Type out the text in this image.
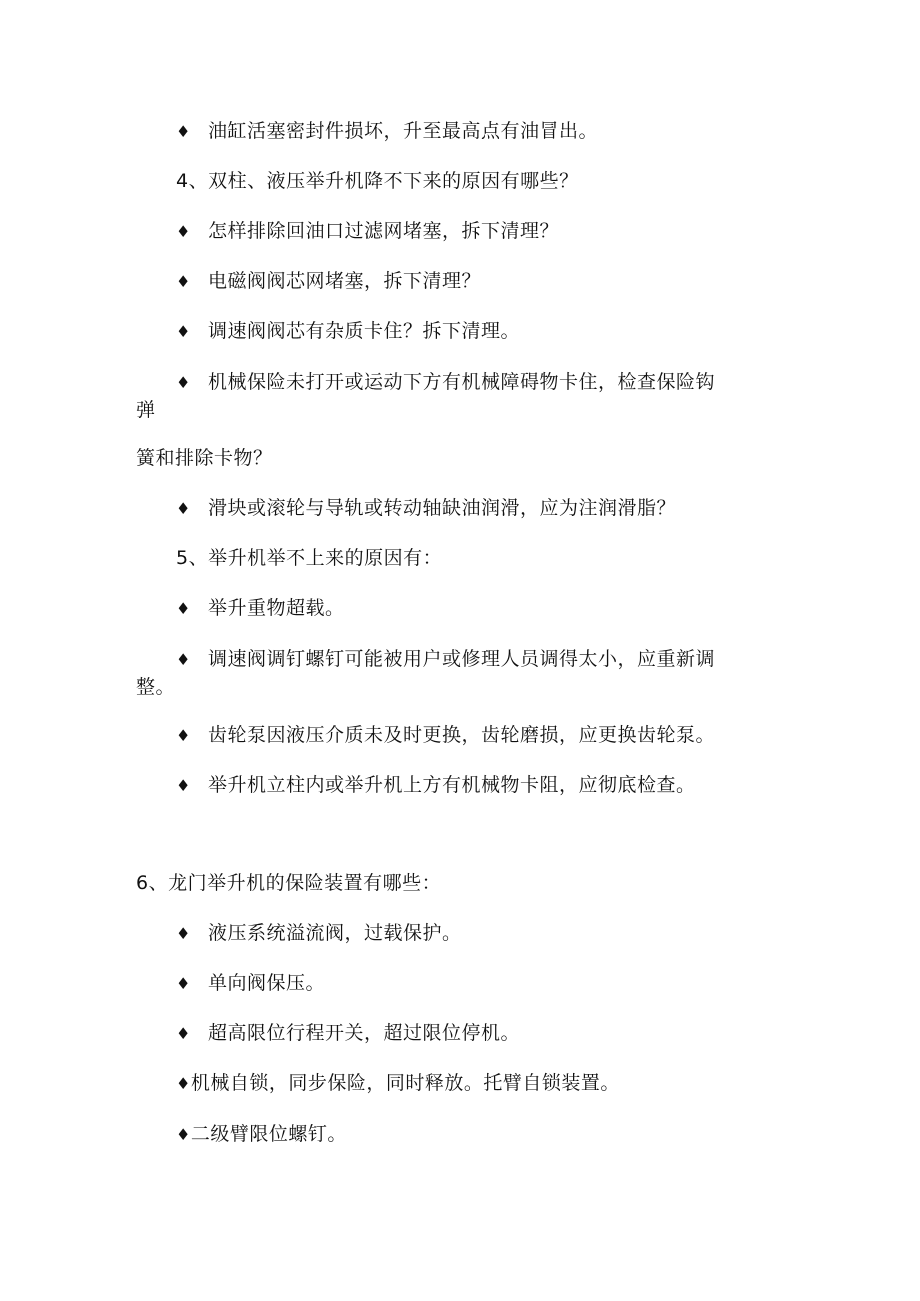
♦ 油缸活塞密封件损坏，升至最高点有油冒出。
4、双柱、液压举升机降不下来的原因有哪些？
♦ 怎样排除回油口过滤网堵塞，拆下清理？
♦ 电磁阀阀芯网堵塞，拆下清理？
♦ 调速阀阀芯有杂质卡住？拆下清理。
♦ 机械保险未打开或运动下方有机械障碍物卡住，检查保险钩
弹
簧和排除卡物？
♦ 滑块或滚轮与导轨或转动轴缺油润滑，应为注润滑脂？
5、举升机举不上来的原因有：
♦ 举升重物超载。
♦ 调速阀调钉螺钉可能被用户或修理人员调得太小，应重新调
整。
♦ 齿轮泵因液压介质未及时更换，齿轮磨损，应更换齿轮泵。
♦ 举升机立柱内或举升机上方有机械物卡阻，应彻底检查。
6、龙门举升机的保险装置有哪些：
♦ 液压系统溢流阀，过载保护。
♦ 单向阀保压。
♦ 超高限位行程开关，超过限位停机。
♦机械自锁，同步保险，同时释放。托臂自锁装置。
♦二级臂限位螺钉。
